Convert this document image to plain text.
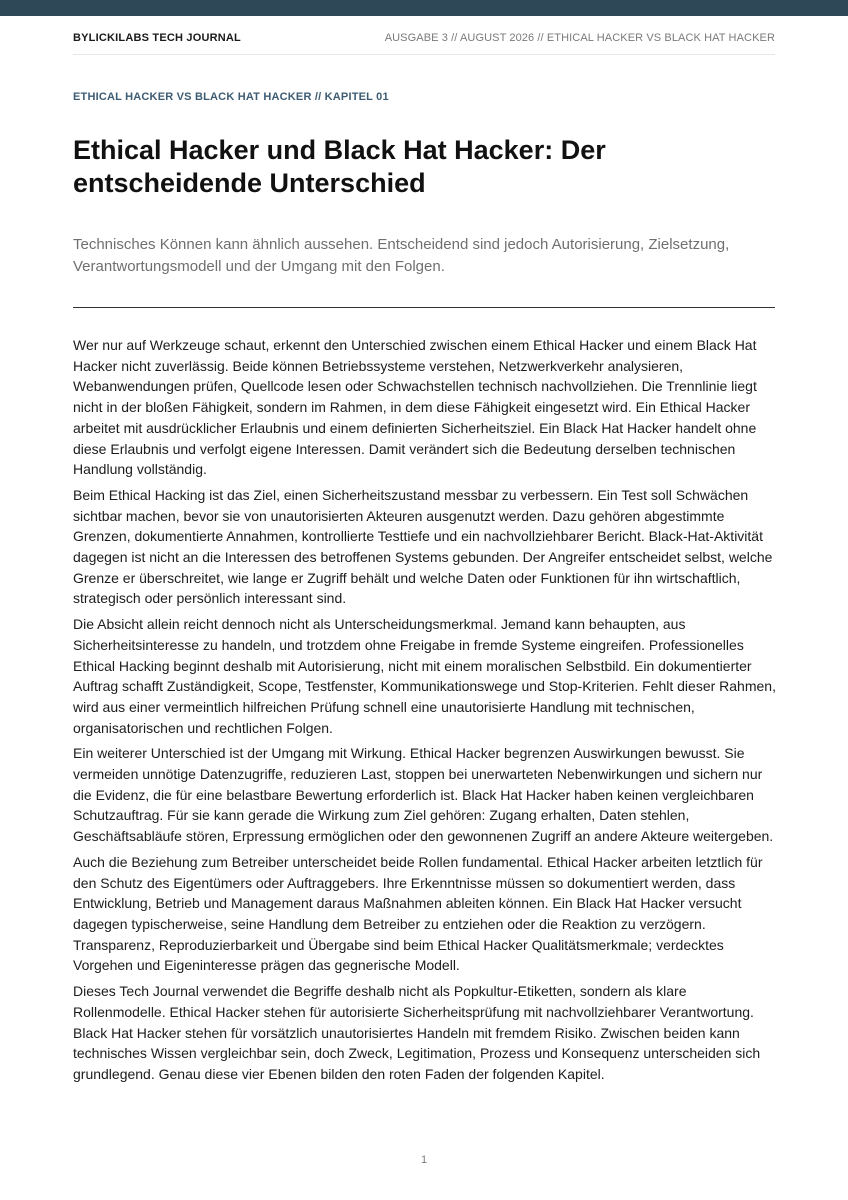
BYLICKILABS TECH JOURNAL	AUSGABE 3 // AUGUST 2026 // ETHICAL HACKER VS BLACK HAT HACKER
ETHICAL HACKER VS BLACK HAT HACKER // KAPITEL 01
Ethical Hacker und Black Hat Hacker: Der entscheidende Unterschied

Technisches Können kann ähnlich aussehen. Entscheidend sind jedoch Autorisierung, Zielsetzung, Verantwortungsmodell und der Umgang mit den Folgen.

Wer nur auf Werkzeuge schaut, erkennt den Unterschied zwischen einem Ethical Hacker und einem Black Hat Hacker nicht zuverlässig. Beide können Betriebssysteme verstehen, Netzwerkverkehr analysieren, Webanwendungen prüfen, Quellcode lesen oder Schwachstellen technisch nachvollziehen. Die Trennlinie liegt nicht in der bloßen Fähigkeit, sondern im Rahmen, in dem diese Fähigkeit eingesetzt wird. Ein Ethical Hacker arbeitet mit ausdrücklicher Erlaubnis und einem definierten Sicherheitsziel. Ein Black Hat Hacker handelt ohne diese Erlaubnis und verfolgt eigene Interessen. Damit verändert sich die Bedeutung derselben technischen Handlung vollständig.

Beim Ethical Hacking ist das Ziel, einen Sicherheitszustand messbar zu verbessern. Ein Test soll Schwächen sichtbar machen, bevor sie von unautorisierten Akteuren ausgenutzt werden. Dazu gehören abgestimmte Grenzen, dokumentierte Annahmen, kontrollierte Testtiefe und ein nachvollziehbarer Bericht. Black-Hat-Aktivität dagegen ist nicht an die Interessen des betroffenen Systems gebunden. Der Angreifer entscheidet selbst, welche Grenze er überschreitet, wie lange er Zugriff behält und welche Daten oder Funktionen für ihn wirtschaftlich, strategisch oder persönlich interessant sind.

Die Absicht allein reicht dennoch nicht als Unterscheidungsmerkmal. Jemand kann behaupten, aus Sicherheitsinteresse zu handeln, und trotzdem ohne Freigabe in fremde Systeme eingreifen. Professionelles Ethical Hacking beginnt deshalb mit Autorisierung, nicht mit einem moralischen Selbstbild. Ein dokumentierter Auftrag schafft Zuständigkeit, Scope, Testfenster, Kommunikationswege und Stop-Kriterien. Fehlt dieser Rahmen, wird aus einer vermeintlich hilfreichen Prüfung schnell eine unautorisierte Handlung mit technischen, organisatorischen und rechtlichen Folgen.

Ein weiterer Unterschied ist der Umgang mit Wirkung. Ethical Hacker begrenzen Auswirkungen bewusst. Sie vermeiden unnötige Datenzugriffe, reduzieren Last, stoppen bei unerwarteten Nebenwirkungen und sichern nur die Evidenz, die für eine belastbare Bewertung erforderlich ist. Black Hat Hacker haben keinen vergleichbaren Schutzauftrag. Für sie kann gerade die Wirkung zum Ziel gehören: Zugang erhalten, Daten stehlen, Geschäftsabläufe stören, Erpressung ermöglichen oder den gewonnenen Zugriff an andere Akteure weitergeben.

Auch die Beziehung zum Betreiber unterscheidet beide Rollen fundamental. Ethical Hacker arbeiten letztlich für den Schutz des Eigentümers oder Auftraggebers. Ihre Erkenntnisse müssen so dokumentiert werden, dass Entwicklung, Betrieb und Management daraus Maßnahmen ableiten können. Ein Black Hat Hacker versucht dagegen typischerweise, seine Handlung dem Betreiber zu entziehen oder die Reaktion zu verzögern. Transparenz, Reproduzierbarkeit und Übergabe sind beim Ethical Hacker Qualitätsmerkmale; verdecktes Vorgehen und Eigeninteresse prägen das gegnerische Modell.

Dieses Tech Journal verwendet die Begriffe deshalb nicht als Popkultur-Etiketten, sondern als klare Rollenmodelle. Ethical Hacker stehen für autorisierte Sicherheitsprüfung mit nachvollziehbarer Verantwortung. Black Hat Hacker stehen für vorsätzlich unautorisiertes Handeln mit fremdem Risiko. Zwischen beiden kann technisches Wissen vergleichbar sein, doch Zweck, Legitimation, Prozess und Konsequenz unterscheiden sich grundlegend. Genau diese vier Ebenen bilden den roten Faden der folgenden Kapitel.

1
